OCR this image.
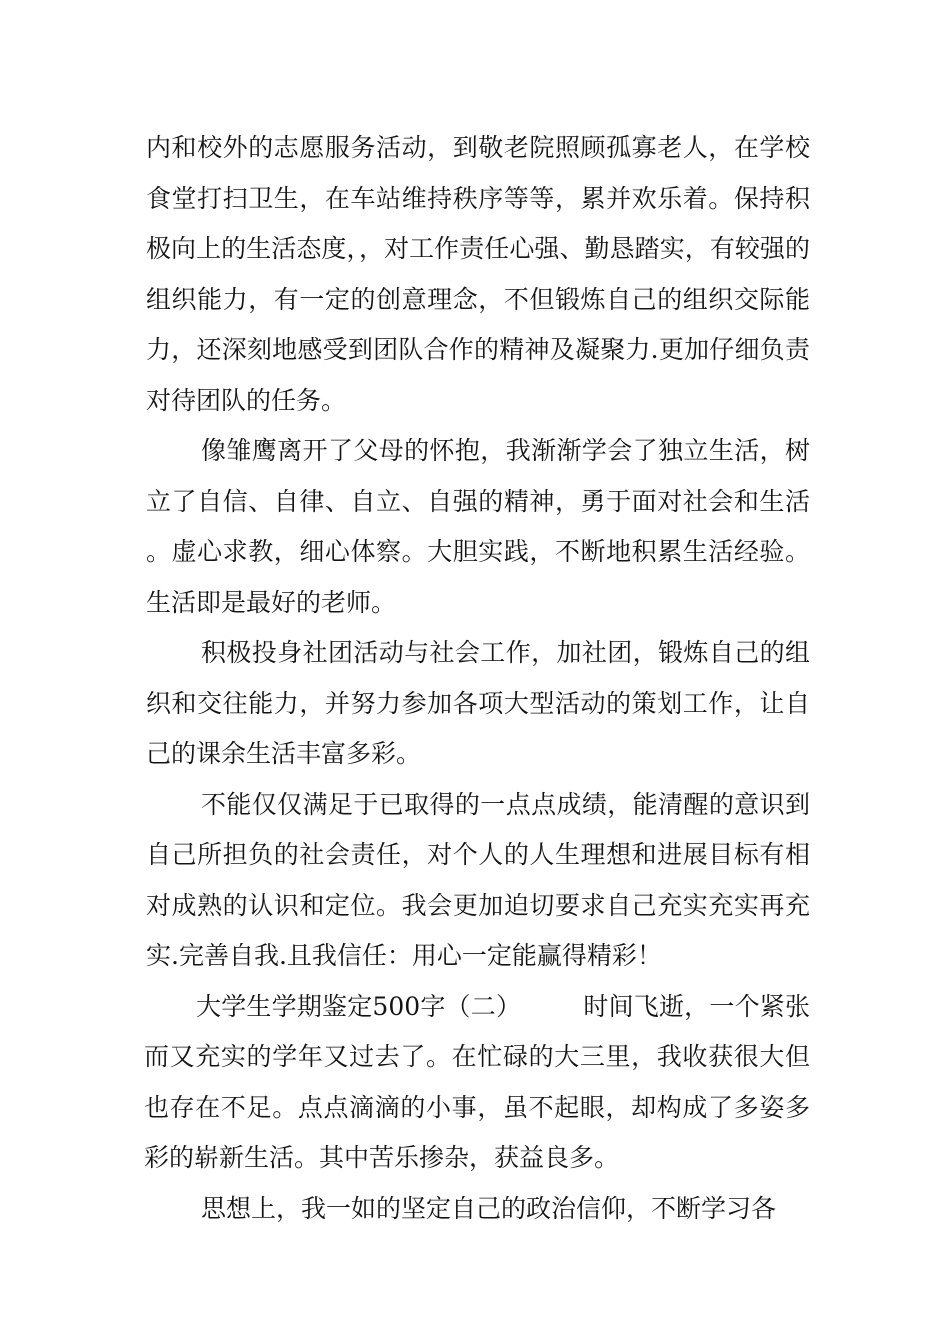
内和校外的志愿服务活动，到敬老院照顾孤寡老人，在学校食堂打扫卫生，在车站维持秩序等等，累并欢乐着。保持积极向上的生活态度，，对工作责任心强、勤恳踏实，有较强的组织能力，有一定的创意理念，不但锻炼自己的组织交际能力，还深刻地感受到团队合作的精神及凝聚力.更加仔细负责对待团队的任务。

像雏鹰离开了父母的怀抱，我渐渐学会了独立生活，树立了自信、自律、自立、自强的精神，勇于面对社会和生活。虚心求教，细心体察。大胆实践，不断地积累生活经验。生活即是最好的老师。

积极投身社团活动与社会工作，加社团，锻炼自己的组织和交往能力，并努力参加各项大型活动的策划工作，让自己的课余生活丰富多彩。

不能仅仅满足于已取得的一点点成绩，能清醒的意识到自己所担负的社会责任，对个人的人生理想和进展目标有相对成熟的认识和定位。我会更加迫切要求自己充实充实再充实.完善自我.且我信任：用心一定能赢得精彩！

大学生学期鉴定500字（二） 时间飞逝，一个紧张而又充实的学年又过去了。在忙碌的大三里，我收获很大但也存在不足。点点滴滴的小事，虽不起眼，却构成了多姿多彩的崭新生活。其中苦乐掺杂，获益良多。

思想上，我一如的坚定自己的政治信仰，不断学习各
